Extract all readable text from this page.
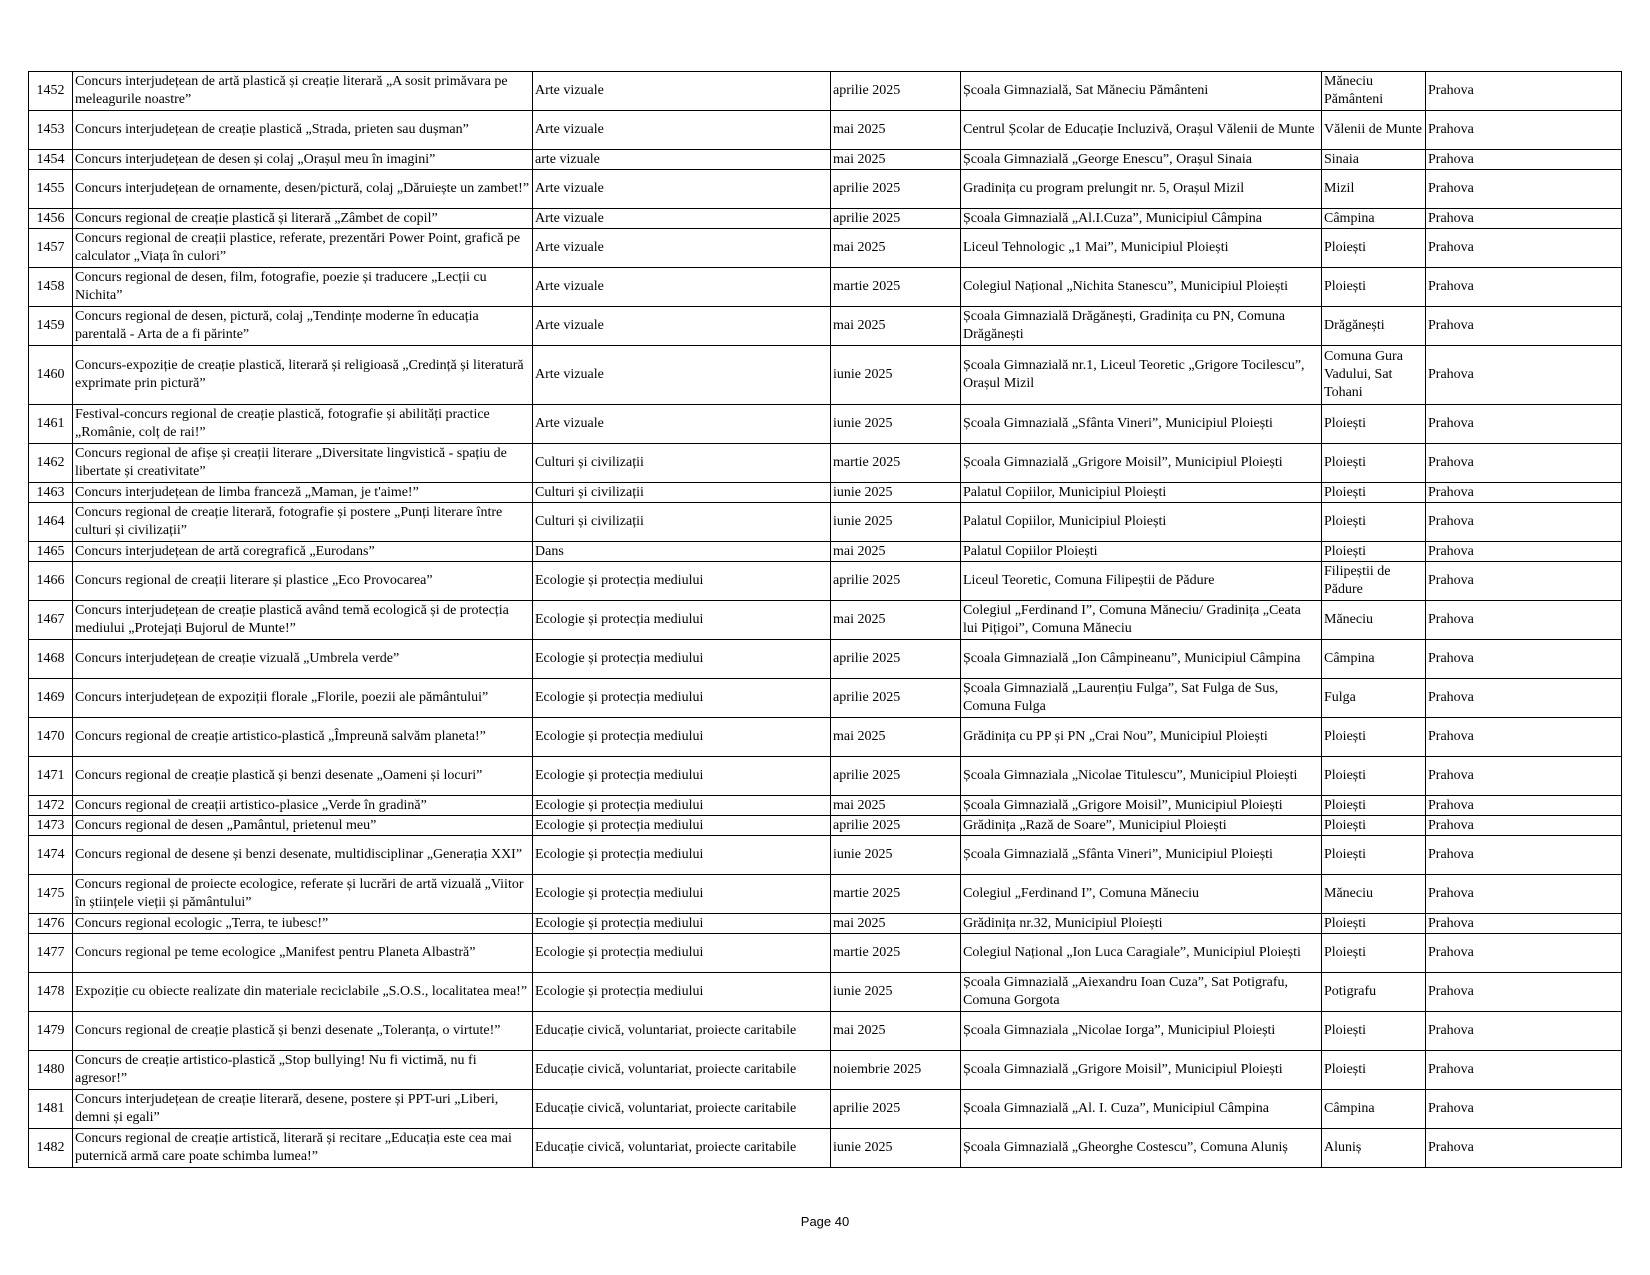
1452	Concurs interjudețean de artă plastică și creație literară „A sosit primăvara pe meleagurile noastre”	Arte vizuale	aprilie 2025	Școala Gimnazială, Sat Măneciu Pământeni	Măneciu Pământeni	Prahova
1453	Concurs interjudețean de creație plastică „Strada, prieten sau dușman”	Arte vizuale	mai 2025	Centrul Școlar de Educație Incluzivă, Orașul Vălenii de Munte	Vălenii de Munte	Prahova
1454	Concurs interjudețean de desen și colaj „Orașul meu în imagini”	arte vizuale	mai 2025	Școala Gimnazială „George Enescu”, Orașul Sinaia	Sinaia	Prahova
1455	Concurs interjudețean de ornamente, desen/pictură, colaj „Dăruiește un zambet!”	Arte vizuale	aprilie 2025	Gradinița cu program prelungit nr. 5, Orașul Mizil	Mizil	Prahova
1456	Concurs regional de creație plastică și literară „Zâmbet de copil”	Arte vizuale	aprilie 2025	Școala Gimnazială „Al.I.Cuza”, Municipiul Câmpina	Câmpina	Prahova
1457	Concurs regional de creații plastice, referate, prezentări Power Point, grafică pe calculator „Viața în culori”	Arte vizuale	mai 2025	Liceul Tehnologic „1 Mai”, Municipiul Ploiești	Ploiești	Prahova
1458	Concurs regional de desen, film, fotografie, poezie și traducere „Lecții cu Nichita”	Arte vizuale	martie 2025	Colegiul Național „Nichita Stanescu”, Municipiul Ploiești	Ploiești	Prahova
1459	Concurs regional de desen, pictură, colaj „Tendințe moderne în educația parentală - Arta de a fi părinte”	Arte vizuale	mai 2025	Școala Gimnazială Drăgănești, Gradinița cu PN, Comuna Drăgănești	Drăgănești	Prahova
1460	Concurs-expoziție de creație plastică, literară și religioasă „Credință și literatură exprimate prin pictură”	Arte vizuale	iunie 2025	Școala Gimnazială nr.1, Liceul Teoretic „Grigore Tocilescu”, Orașul Mizil	Comuna Gura Vadului, Sat Tohani	Prahova
1461	Festival-concurs regional de creație plastică, fotografie și abilități practice „Românie, colț de rai!”	Arte vizuale	iunie 2025	Școala Gimnazială „Sfânta Vineri”, Municipiul Ploiești	Ploiești	Prahova
1462	Concurs regional de afișe și creații literare „Diversitate lingvistică - spațiu de libertate și creativitate”	Culturi și civilizații	martie 2025	Școala Gimnazială „Grigore Moisil”, Municipiul Ploiești	Ploiești	Prahova
1463	Concurs interjudețean de limba franceză „Maman, je t'aime!”	Culturi și civilizații	iunie 2025	Palatul Copiilor, Municipiul Ploiești	Ploiești	Prahova
1464	Concurs regional de creație literară, fotografie și postere „Punți literare între culturi și civilizații”	Culturi și civilizații	iunie 2025	Palatul Copiilor, Municipiul Ploiești	Ploiești	Prahova
1465	Concurs interjudețean de artă coregrafică „Eurodans”	Dans	mai 2025	Palatul Copiilor Ploiești	Ploiești	Prahova
1466	Concurs regional de creații literare și plastice „Eco Provocarea”	Ecologie și protecția mediului	aprilie 2025	Liceul Teoretic, Comuna Filipeștii de Pădure	Filipeștii de Pădure	Prahova
1467	Concurs interjudețean de creație plastică având temă ecologică și de protecția mediului „Protejați Bujorul de Munte!”	Ecologie și protecția mediului	mai 2025	Colegiul „Ferdinand I”, Comuna Măneciu/ Gradinița „Ceata lui Pițigoi”, Comuna Măneciu	Măneciu	Prahova
1468	Concurs interjudețean de creație vizuală „Umbrela verde”	Ecologie și protecția mediului	aprilie 2025	Școala Gimnazială „Ion Câmpineanu”, Municipiul Câmpina	Câmpina	Prahova
1469	Concurs interjudețean de expoziții florale „Florile, poezii ale pământului”	Ecologie și protecția mediului	aprilie 2025	Școala Gimnazială „Laurențiu Fulga”, Sat Fulga de Sus, Comuna Fulga	Fulga	Prahova
1470	Concurs regional de creație artistico-plastică „Împreună salvăm planeta!”	Ecologie și protecția mediului	mai 2025	Grădinița cu PP și PN „Crai Nou”, Municipiul Ploiești	Ploiești	Prahova
1471	Concurs regional de creație plastică și benzi desenate „Oameni și locuri”	Ecologie și protecția mediului	aprilie 2025	Școala Gimnaziala „Nicolae Titulescu”, Municipiul Ploiești	Ploiești	Prahova
1472	Concurs regional de creații artistico-plasice „Verde în gradină”	Ecologie și protecția mediului	mai 2025	Școala Gimnazială „Grigore Moisil”, Municipiul Ploiești	Ploiești	Prahova
1473	Concurs regional de desen „Pamântul, prietenul meu”	Ecologie și protecția mediului	aprilie 2025	Grădinița „Rază de Soare”, Municipiul Ploiești	Ploiești	Prahova
1474	Concurs regional de desene și benzi desenate, multidisciplinar „Generația XXI”	Ecologie și protecția mediului	iunie 2025	Școala Gimnazială „Sfânta Vineri”, Municipiul Ploiești	Ploiești	Prahova
1475	Concurs regional de proiecte ecologice, referate și lucrări de artă vizuală „Viitor în științele vieții și pământului”	Ecologie și protecția mediului	martie 2025	Colegiul „Ferdinand I”, Comuna Măneciu	Măneciu	Prahova
1476	Concurs regional ecologic „Terra, te iubesc!”	Ecologie și protecția mediului	mai 2025	Grădinița nr.32, Municipiul Ploiești	Ploiești	Prahova
1477	Concurs regional pe teme ecologice „Manifest pentru Planeta Albastră”	Ecologie și protecția mediului	martie 2025	Colegiul Național „Ion Luca Caragiale”, Municipiul Ploiești	Ploiești	Prahova
1478	Expoziție cu obiecte realizate din materiale reciclabile „S.O.S., localitatea mea!”	Ecologie și protecția mediului	iunie 2025	Școala Gimnazială „Aiexandru Ioan Cuza”, Sat Potigrafu, Comuna Gorgota	Potigrafu	Prahova
1479	Concurs regional de creație plastică și benzi desenate „Toleranța, o virtute!”	Educație civică, voluntariat, proiecte caritabile	mai 2025	Școala Gimnaziala „Nicolae Iorga”, Municipiul Ploiești	Ploiești	Prahova
1480	Concurs de creație artistico-plastică „Stop bullying! Nu fi victimă, nu fi agresor!”	Educație civică, voluntariat, proiecte caritabile	noiembrie 2025	Școala Gimnazială „Grigore Moisil”, Municipiul Ploiești	Ploiești	Prahova
1481	Concurs interjudețean de creație literară, desene, postere și PPT-uri „Liberi, demni și egali”	Educație civică, voluntariat, proiecte caritabile	aprilie 2025	Școala Gimnazială „Al. I. Cuza”, Municipiul Câmpina	Câmpina	Prahova
1482	Concurs regional de creație artistică, literară și recitare „Educația este cea mai puternică armă care poate schimba lumea!”	Educație civică, voluntariat, proiecte caritabile	iunie 2025	Școala Gimnazială „Gheorghe Costescu”, Comuna Aluniș	Aluniș	Prahova
Page 40
